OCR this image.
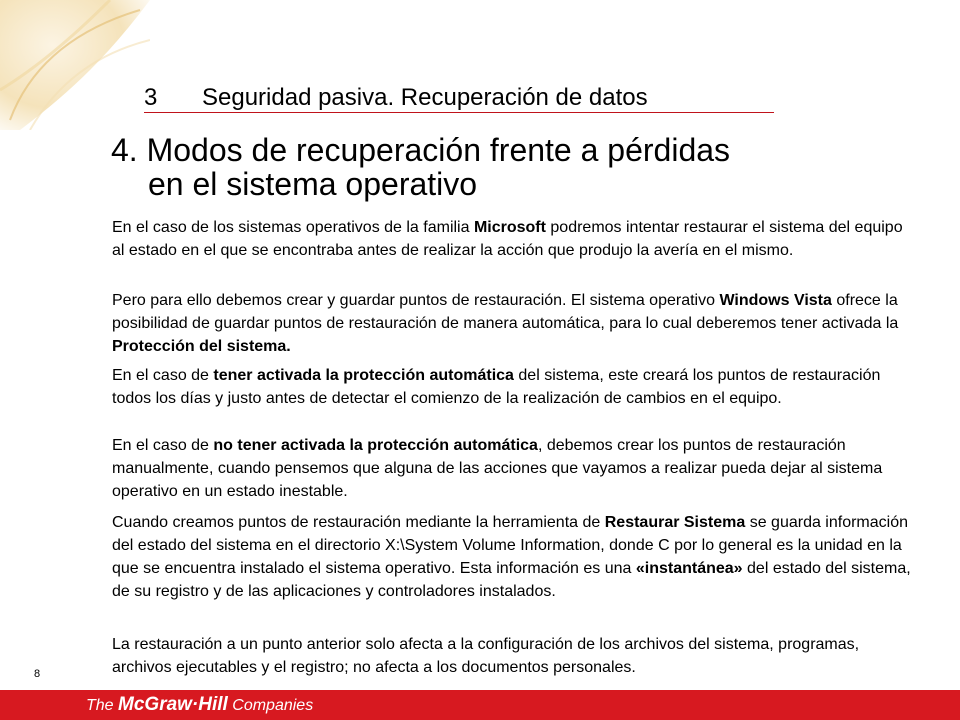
3 Seguridad pasiva. Recuperación de datos
4. Modos de recuperación frente a pérdidas
en el sistema operativo
En el caso de los sistemas operativos de la familia Microsoft podremos intentar restaurar el sistema del equipo al estado en el que se encontraba antes de realizar la acción que produjo la avería en el mismo.
Pero para ello debemos crear y guardar puntos de restauración. El sistema operativo Windows Vista ofrece la posibilidad de guardar puntos de restauración de manera automática, para lo cual deberemos tener activada la Protección del sistema.
En el caso de tener activada la protección automática del sistema, este creará los puntos de restauración todos los días y justo antes de detectar el comienzo de la realización de cambios en el equipo.
En el caso de no tener activada la protección automática, debemos crear los puntos de restauración manualmente, cuando pensemos que alguna de las acciones que vayamos a realizar pueda dejar al sistema operativo en un estado inestable.
Cuando creamos puntos de restauración mediante la herramienta de Restaurar Sistema se guarda información del estado del sistema en el directorio X:\System Volume Information, donde C por lo general es la unidad en la que se encuentra instalado el sistema operativo. Esta información es una «instantánea» del estado del sistema, de su registro y de las aplicaciones y controladores instalados.
La restauración a un punto anterior solo afecta a la configuración de los archivos del sistema, programas, archivos ejecutables y el registro; no afecta a los documentos personales.
8
The McGraw·Hill Companies
